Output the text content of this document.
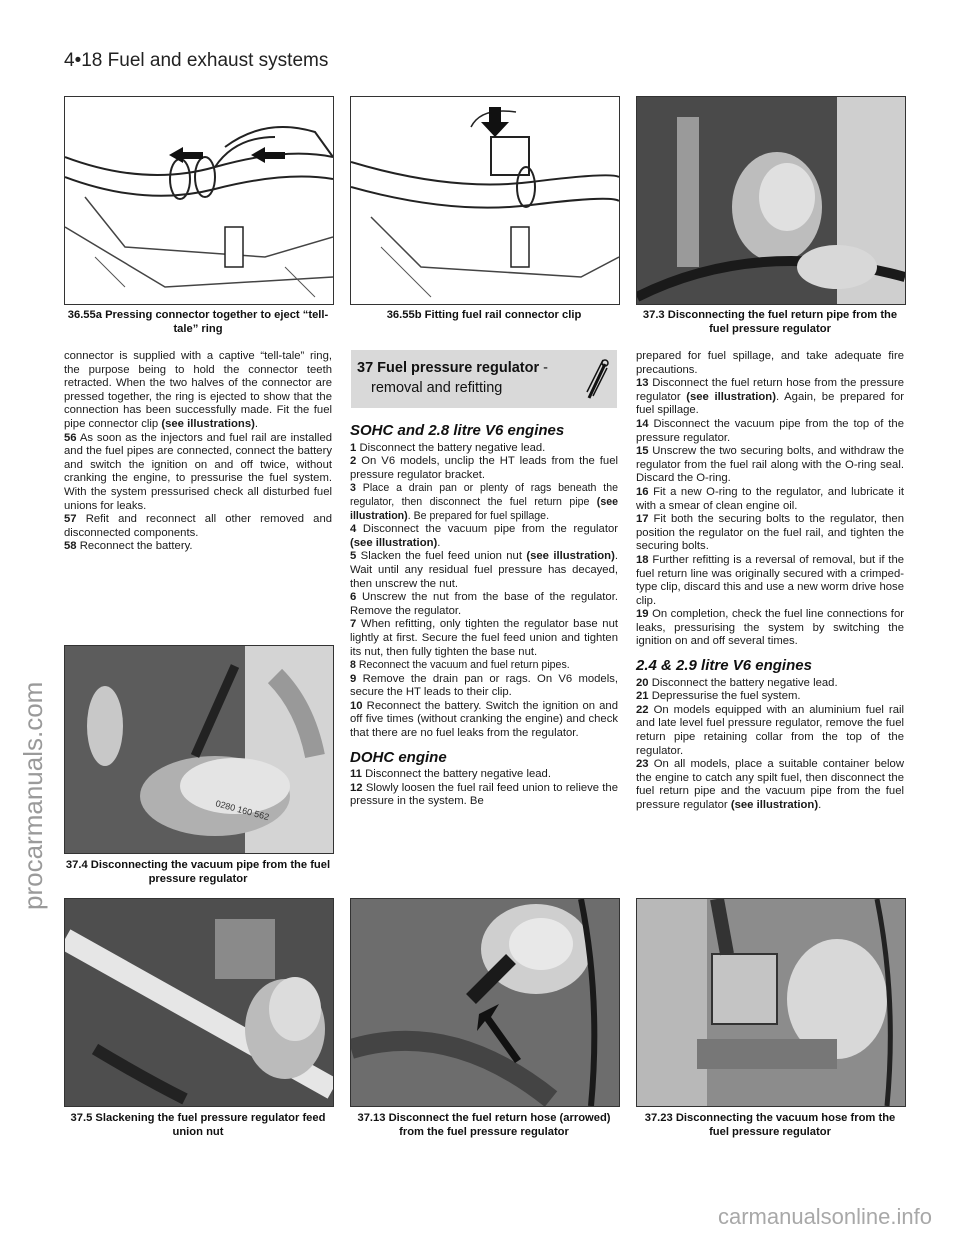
4•18 Fuel and exhaust systems
procarmanuals.com
carmanualsonline.info
36.55a Pressing connector together to eject “tell-tale” ring
36.55b Fitting fuel rail connector clip	37.3 Disconnecting the fuel return pipe from the fuel pressure regulator

connector is supplied with a captive “tell-tale” ring, the purpose being to hold the connector teeth retracted. When the two halves of the connector are pressed together, the ring is ejected to show that the connection has been successfully made. Fit the fuel pipe connector clip (see illustrations).

56 As soon as the injectors and fuel rail are installed and the fuel pipes are connected, connect the battery and switch the ignition on and off twice, without cranking the engine, to pressurise the fuel system. With the system pressurised check all disturbed fuel unions for leaks.

57 Refit and reconnect all other removed and disconnected components.

58 Reconnect the battery.

37 Fuel pressure regulator -
removal and refitting
SOHC and 2.8 litre V6 engines

1 Disconnect the battery negative lead.

2 On V6 models, unclip the HT leads from the fuel pressure regulator bracket.

3 Place a drain pan or plenty of rags beneath the regulator, then disconnect the fuel return pipe (see illustration). Be prepared for fuel spillage.

4 Disconnect the vacuum pipe from the regulator (see illustration).

5 Slacken the fuel feed union nut (see illustration). Wait until any residual fuel pressure has decayed, then unscrew the nut.

6 Unscrew the nut from the base of the regulator. Remove the regulator.

7 When refitting, only tighten the regulator base nut lightly at first. Secure the fuel feed union and tighten its nut, then fully tighten the base nut.

8 Reconnect the vacuum and fuel return pipes.

9 Remove the drain pan or rags. On V6 models, secure the HT leads to their clip.

10 Reconnect the battery. Switch the ignition on and off five times (without cranking the engine) and check that there are no fuel leaks from the regulator.

DOHC engine

11 Disconnect the battery negative lead.

12 Slowly loosen the fuel rail feed union to relieve the pressure in the system. Be

prepared for fuel spillage, and take adequate fire precautions.

13 Disconnect the fuel return hose from the pressure regulator (see illustration). Again, be prepared for fuel spillage.

14 Disconnect the vacuum pipe from the top of the pressure regulator.

15 Unscrew the two securing bolts, and withdraw the regulator from the fuel rail along with the O-ring seal. Discard the O-ring.

16 Fit a new O-ring to the regulator, and lubricate it with a smear of clean engine oil.

17 Fit both the securing bolts to the regulator, then position the regulator on the fuel rail, and tighten the securing bolts.

18 Further refitting is a reversal of removal, but if the fuel return line was originally secured with a crimped-type clip, discard this and use a new worm drive hose clip.

19 On completion, check the fuel line connections for leaks, pressurising the system by switching the ignition on and off several times.

2.4 & 2.9 litre V6 engines

20 Disconnect the battery negative lead.

21 Depressurise the fuel system.

22 On models equipped with an aluminium fuel rail and late level fuel pressure regulator, remove the fuel return pipe retaining collar from the top of the regulator.

23 On all models, place a suitable container below the engine to catch any spilt fuel, then disconnect the fuel return pipe and the vacuum pipe from the fuel pressure regulator (see illustration).

0280 160 562
37.4 Disconnecting the vacuum pipe from the fuel pressure regulator
37.5 Slackening the fuel pressure regulator feed union nut
37.13 Disconnect the fuel return hose (arrowed) from the fuel pressure regulator
37.23 Disconnecting the vacuum hose from the fuel pressure regulator
